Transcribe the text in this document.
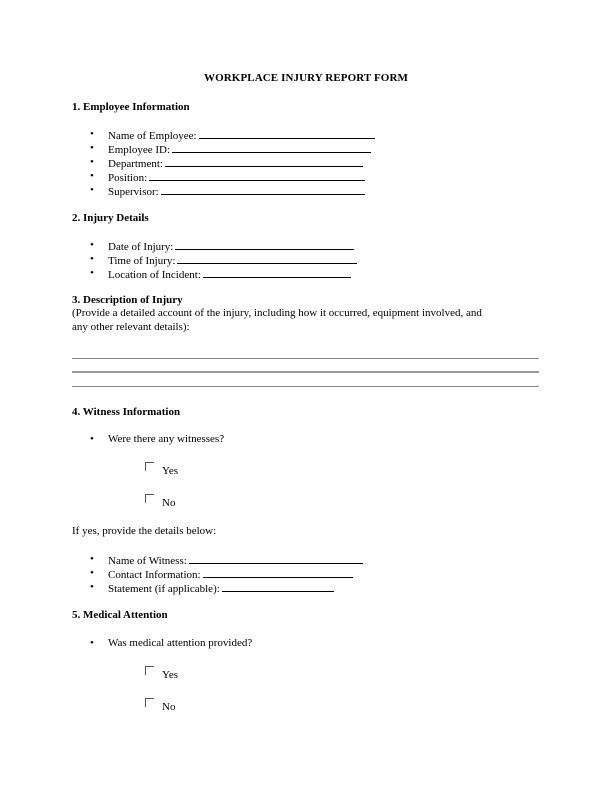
WORKPLACE INJURY REPORT FORM
1. Employee Information
• Name of Employee:
• Employee ID:
• Department:
• Position:
• Supervisor:
2. Injury Details
• Date of Injury:
• Time of Injury:
• Location of Incident:
3. Description of Injury
(Provide a detailed account of the injury, including how it occurred, equipment involved, and
any other relevant details):
4. Witness Information
• Were there any witnesses?
Yes
No
If yes, provide the details below:
• Name of Witness:
• Contact Information:
• Statement (if applicable):
5. Medical Attention
• Was medical attention provided?
Yes
No
